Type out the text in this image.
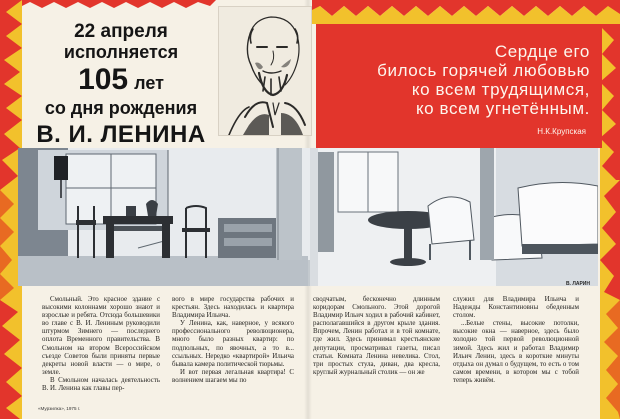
22 апреля
исполняется
105 лет
со дня рождения
В. И. ЛЕНИНА
Сердце его
билось горячей любовью
ко всем трудящимся,
ко всем угнетённым.
Н.К.Крупская
В. ЛАРИН

Смольный. Это красное здание с высокими колоннами хорошо знают и взрослые и ребята. Отсюда большевики во главе с В. И. Лениным руководили штурмом Зимнего — последнего оплота Временного правительства. В Смольном на втором Всероссийском съезде Советов были приняты первые декреты новой власти — о мире, о земле.

В Смольном началась деятельность В. И. Ленина как главы пер-

вого в мире государства рабочих и крестьян. Здесь находилась и квартира Владимира Ильича.

У Ленина, как, наверное, у всякого профессионального революционера, много было разных квартир: по подпольных, по явочных, а то в... ссыльных. Нередко «квартирой» Ильича бывала камера политической тюрьмы.

И вот первая легальная квартира! С волнением шагаем мы по

сводчатым, бесконечно длинным коридорам Смольного. Этой дорогой Владимир Ильич ходил в рабочий кабинет, располагавшийся в другом крыле здания. Впрочем, Ленин работал и в той комнате, где жил. Здесь принимал крестьянские депутации, просматривал газеты, писал статьи. Комната Ленина невелика. Стол, три простых стула, диван, два кресла, круглый журнальный столик — он же

служил для Владимира Ильича и Надежды Константиновны обеденным столом.

...Белые стены, высокие потолки, высокие окна — наверное, здесь было холодно той первой революционной зимой. Здесь жил и работал Владимир Ильич Ленин, здесь в короткие минуты отдыха он думал о будущем, то есть о том самом времени, в котором мы с тобой теперь живём.

«Мурзилка», 1975 г.
